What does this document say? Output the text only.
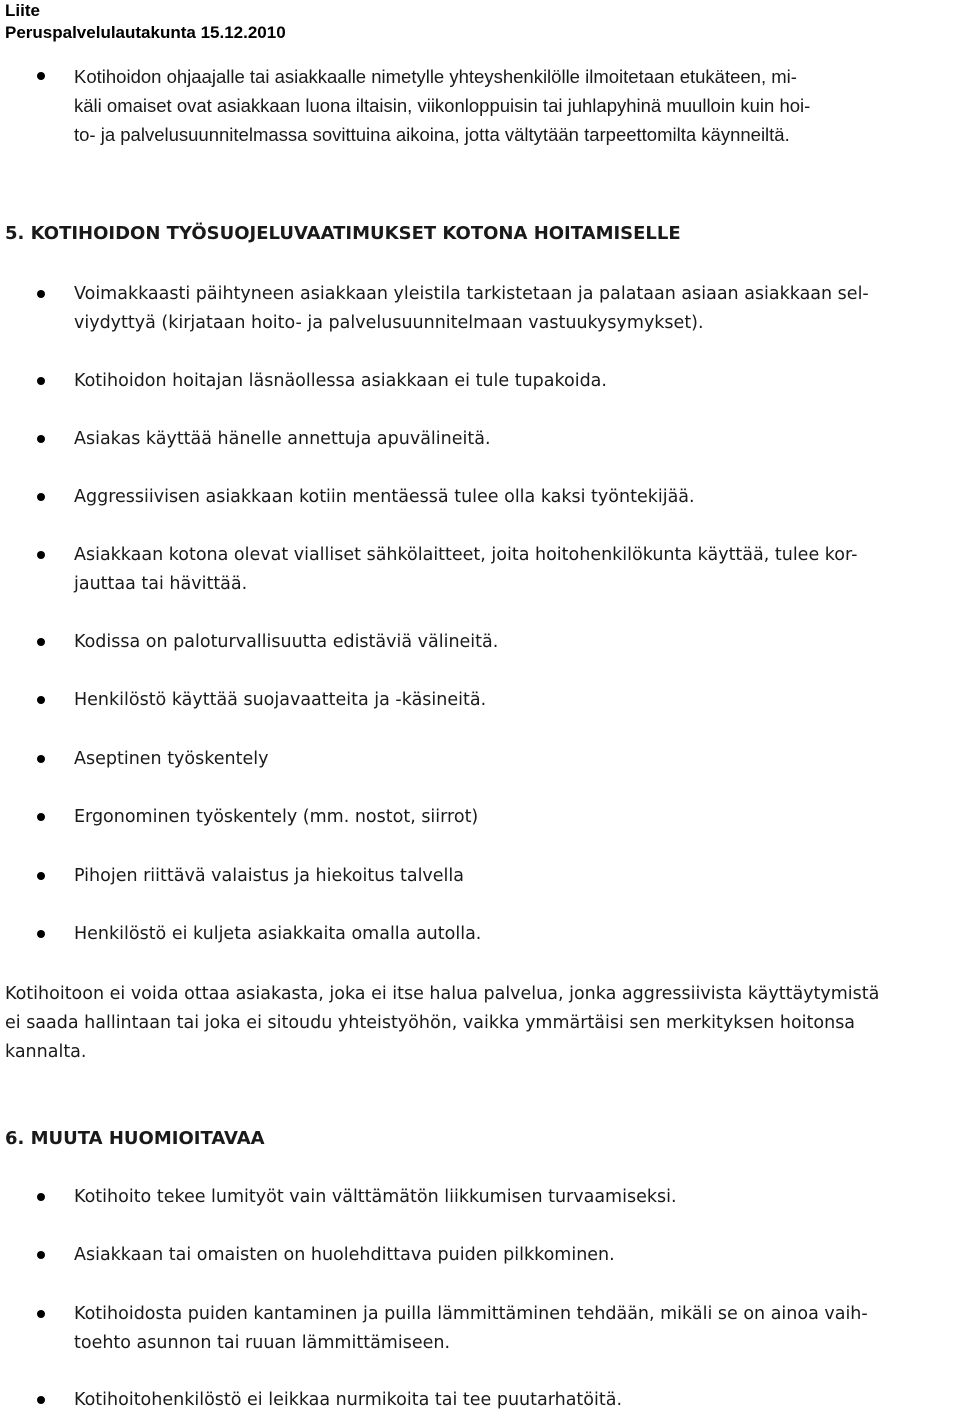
Liite
Peruspalvelulautakunta 15.12.2010
Kotihoidon ohjaajalle tai asiakkaalle nimetylle yhteyshenkilölle ilmoitetaan etukäteen, mi-
käli omaiset ovat asiakkaan luona iltaisin, viikonloppuisin tai juhlapyhinä muulloin kuin hoi-
to- ja palvelusuunnitelmassa sovittuina aikoina, jotta vältytään tarpeettomilta käynneiltä.
5. KOTIHOIDON TYÖSUOJELUVAATIMUKSET KOTONA HOITAMISELLE
Voimakkaasti päihtyneen asiakkaan yleistila tarkistetaan ja palataan asiaan asiakkaan sel-
viydyttyä (kirjataan hoito- ja palvelusuunnitelmaan vastuukysymykset).
Kotihoidon hoitajan läsnäollessa asiakkaan ei tule tupakoida.
Asiakas käyttää hänelle annettuja apuvälineitä.
Aggressiivisen asiakkaan kotiin mentäessä tulee olla kaksi työntekijää.
Asiakkaan kotona olevat vialliset sähkölaitteet, joita hoitohenkilökunta käyttää, tulee kor-
jauttaa tai hävittää.
Kodissa on paloturvallisuutta edistäviä välineitä.
Henkilöstö käyttää suojavaatteita ja -käsineitä.
Aseptinen työskentely
Ergonominen työskentely (mm. nostot, siirrot)
Pihojen riittävä valaistus ja hiekoitus talvella
Henkilöstö ei kuljeta asiakkaita omalla autolla.
Kotihoitoon ei voida ottaa asiakasta, joka ei itse halua palvelua, jonka aggressiivista käyttäytymistä
ei saada hallintaan tai joka ei sitoudu yhteistyöhön, vaikka ymmärtäisi sen merkityksen hoitonsa
kannalta.
6. MUUTA HUOMIOITAVAA
Kotihoito tekee lumityöt vain välttämätön liikkumisen turvaamiseksi.
Asiakkaan tai omaisten on huolehdittava puiden pilkkominen.
Kotihoidosta puiden kantaminen ja puilla lämmittäminen tehdään, mikäli se on ainoa vaih-
toehto asunnon tai ruuan lämmittämiseen.
Kotihoitohenkilöstö ei leikkaa nurmikoita tai tee puutarhatöitä.
